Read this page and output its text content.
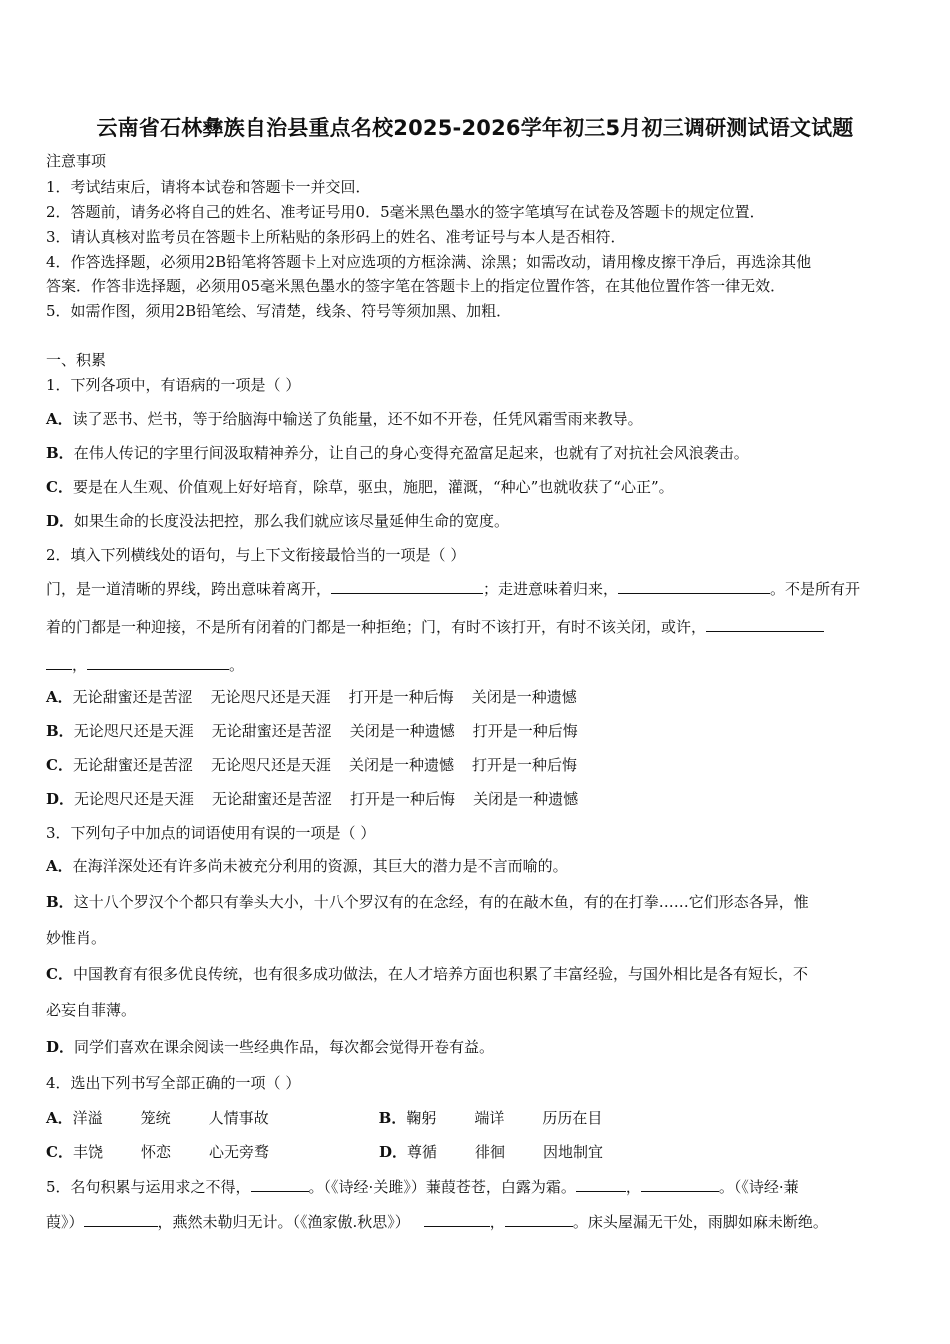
云南省石林彝族自治县重点名校2025-2026学年初三5月初三调研测试语文试题
注意事项
1．考试结束后，请将本试卷和答题卡一并交回．
2．答题前，请务必将自己的姓名、准考证号用0．5毫米黑色墨水的签字笔填写在试卷及答题卡的规定位置．
3．请认真核对监考员在答题卡上所粘贴的条形码上的姓名、准考证号与本人是否相符．
4．作答选择题，必须用2B铅笔将答题卡上对应选项的方框涂满、涂黑；如需改动，请用橡皮擦干净后，再选涂其他
答案．作答非选择题，必须用05毫米黑色墨水的签字笔在答题卡上的指定位置作答，在其他位置作答一律无效．
5．如需作图，须用2B铅笔绘、写清楚，线条、符号等须加黑、加粗．
一、积累
1．下列各项中，有语病的一项是（ ）
A．读了恶书、烂书，等于给脑海中输送了负能量，还不如不开卷，任凭风霜雪雨来教导。
B．在伟人传记的字里行间汲取精神养分，让自己的身心变得充盈富足起来，也就有了对抗社会风浪袭击。
C．要是在人生观、价值观上好好培育，除草，驱虫，施肥，灌溉，“种心”也就收获了“心正”。
D．如果生命的长度没法把控，那么我们就应该尽量延伸生命的宽度。
2．填入下列横线处的语句，与上下文衔接最恰当的一项是（ ）
门，是一道清晰的界线，跨出意味着离开，	；走进意味着归来，	。不是所有开
着的门都是一种迎接，不是所有闭着的门都是一种拒绝；门，有时不该打开，有时不该关闭，或许，
，	。
A．无论甜蜜还是苦涩 无论咫尺还是天涯 打开是一种后悔 关闭是一种遗憾
B．无论咫尺还是天涯 无论甜蜜还是苦涩 关闭是一种遗憾 打开是一种后悔
C．无论甜蜜还是苦涩 无论咫尺还是天涯 关闭是一种遗憾 打开是一种后悔
D．无论咫尺还是天涯 无论甜蜜还是苦涩 打开是一种后悔 关闭是一种遗憾
3．下列句子中加点的词语使用有误的一项是（ ）
A．在海洋深处还有许多尚未被充分利用的资源，其巨大的潜力是不言而喻的。
B．这十八个罗汉个个都只有拳头大小，十八个罗汉有的在念经，有的在敲木鱼，有的在打拳……它们形态各异，惟
妙惟肖。
C．中国教育有很多优良传统，也有很多成功做法，在人才培养方面也积累了丰富经验，与国外相比是各有短长，不
必妄自菲薄。
D．同学们喜欢在课余阅读一些经典作品，每次都会觉得开卷有益。
4．选出下列书写全部正确的一项（ ）
A．洋溢	笼统	人情事故	B．鞠躬	端详	历历在目
C．丰饶	怀恋	心无旁骛	D．尊循	徘徊	因地制宜
5．名句积累与运用求之不得，	。（《诗经·关雎》）蒹葭苍苍，白露为霜。	，	。（《诗经·蒹
葭》）	，燕然未勒归无计。（《渔家傲.秋思》）	，	。床头屋漏无干处，雨脚如麻未断绝。
